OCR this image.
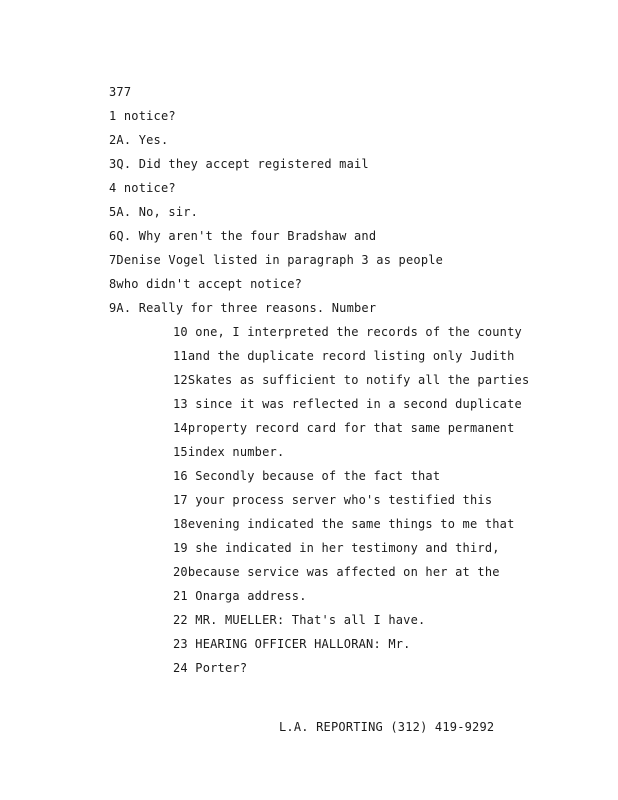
377
1 notice?
2A. Yes.
3Q. Did they accept registered mail
4 notice?
5A. No, sir.
6Q. Why aren't the four Bradshaw and
7Denise Vogel listed in paragraph 3 as people
8who didn't accept notice?
9A. Really for three reasons. Number
10 one, I interpreted the records of the county
11and the duplicate record listing only Judith
12Skates as sufficient to notify all the parties
13 since it was reflected in a second duplicate
14property record card for that same permanent
15index number.
16 Secondly because of the fact that
17 your process server who's testified this
18evening indicated the same things to me that
19 she indicated in her testimony and third,
20because service was affected on her at the
21 Onarga address.
22 MR. MUELLER: That's all I have.
23 HEARING OFFICER HALLORAN: Mr.
24 Porter?
L.A. REPORTING (312) 419-9292
